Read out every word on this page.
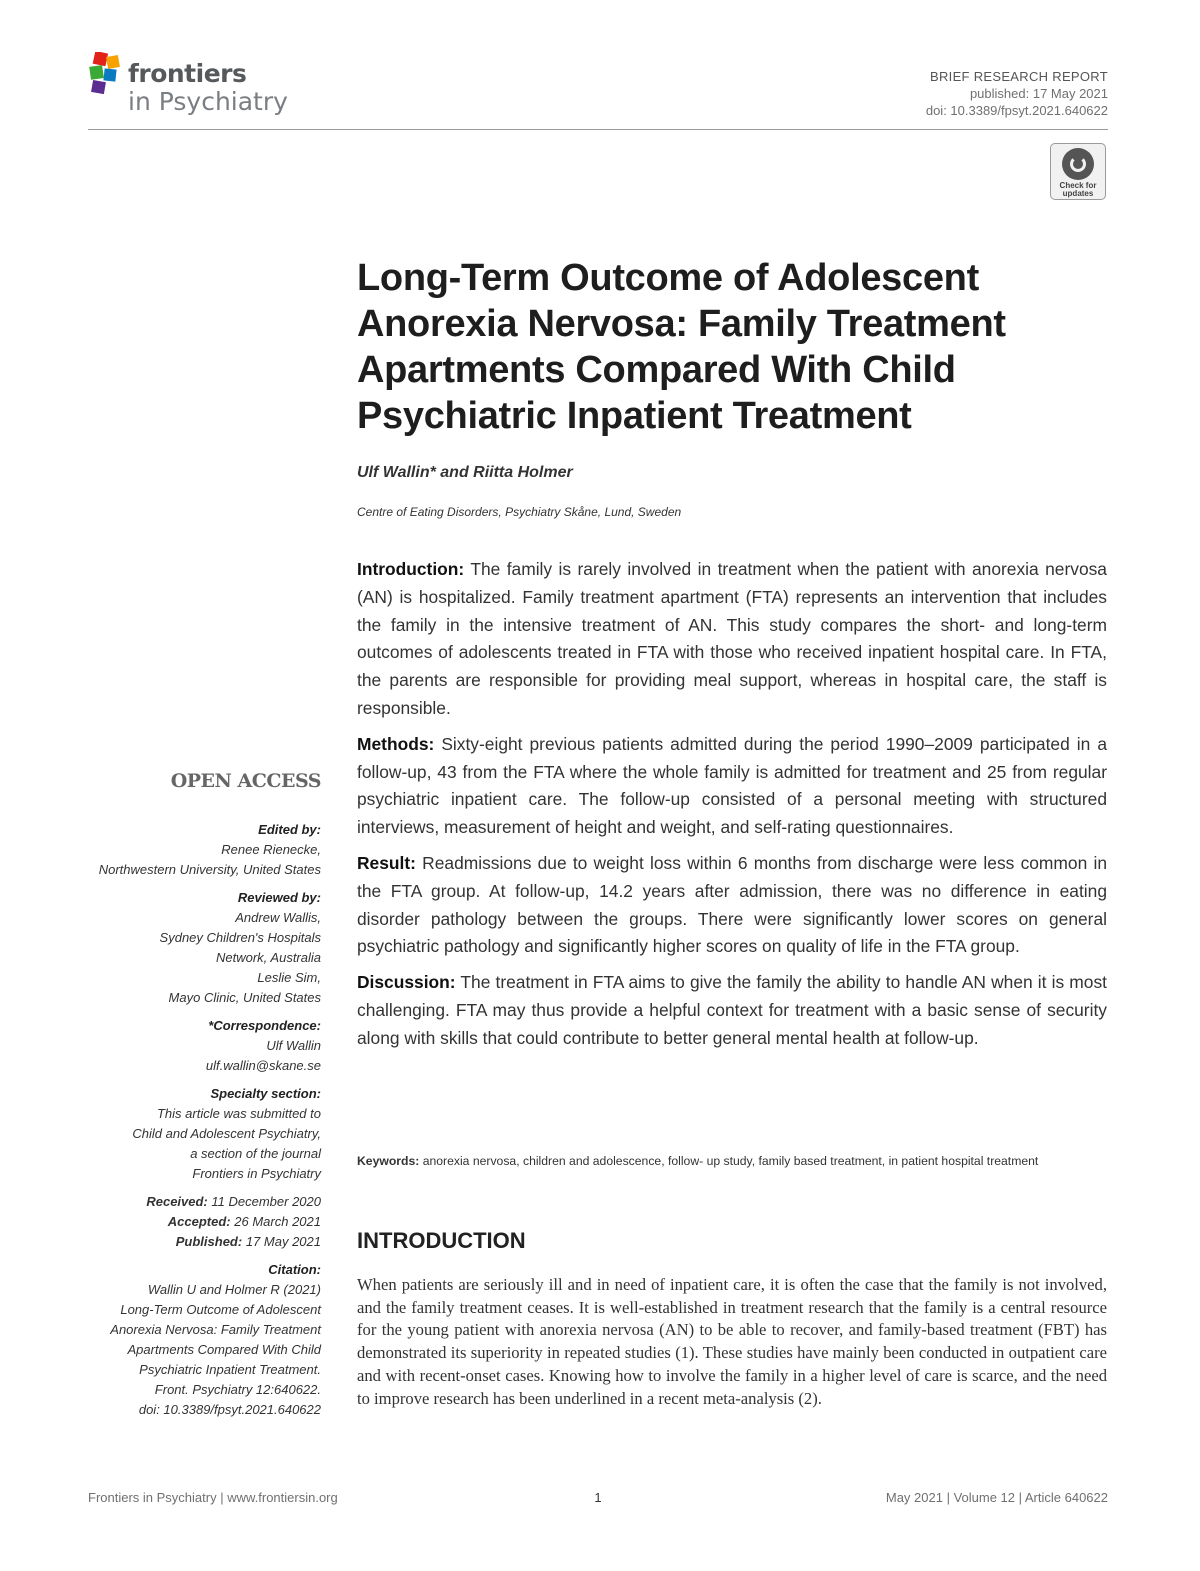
frontiers
in Psychiatry
BRIEF RESEARCH REPORT
published: 17 May 2021
doi: 10.3389/fpsyt.2021.640622
Check for updates
Long-Term Outcome of Adolescent Anorexia Nervosa: Family Treatment Apartments Compared With Child Psychiatric Inpatient Treatment
Ulf Wallin* and Riitta Holmer
Centre of Eating Disorders, Psychiatry Skåne, Lund, Sweden

Introduction: The family is rarely involved in treatment when the patient with anorexia nervosa (AN) is hospitalized. Family treatment apartment (FTA) represents an intervention that includes the family in the intensive treatment of AN. This study compares the short- and long-term outcomes of adolescents treated in FTA with those who received inpatient hospital care. In FTA, the parents are responsible for providing meal support, whereas in hospital care, the staff is responsible.

Methods: Sixty-eight previous patients admitted during the period 1990–2009 participated in a follow-up, 43 from the FTA where the whole family is admitted for treatment and 25 from regular psychiatric inpatient care. The follow-up consisted of a personal meeting with structured interviews, measurement of height and weight, and self-rating questionnaires.

Result: Readmissions due to weight loss within 6 months from discharge were less common in the FTA group. At follow-up, 14.2 years after admission, there was no difference in eating disorder pathology between the groups. There were significantly lower scores on general psychiatric pathology and significantly higher scores on quality of life in the FTA group.

Discussion: The treatment in FTA aims to give the family the ability to handle AN when it is most challenging. FTA may thus provide a helpful context for treatment with a basic sense of security along with skills that could contribute to better general mental health at follow-up.

Keywords: anorexia nervosa, children and adolescence, follow- up study, family based treatment, in patient hospital treatment
INTRODUCTION

When patients are seriously ill and in need of inpatient care, it is often the case that the family is not involved, and the family treatment ceases. It is well-established in treatment research that the family is a central resource for the young patient with anorexia nervosa (AN) to be able to recover, and family-based treatment (FBT) has demonstrated its superiority in repeated studies (1). These studies have mainly been conducted in outpatient care and with recent-onset cases. Knowing how to involve the family in a higher level of care is scarce, and the need to improve research has been underlined in a recent meta-analysis (2).

OPEN ACCESS
Edited by:
Renee Rienecke,
Northwestern University, United States
Reviewed by:
Andrew Wallis,
Sydney Children's Hospitals
Network, Australia
Leslie Sim,
Mayo Clinic, United States
*Correspondence:
Ulf Wallin
ulf.wallin@skane.se
Specialty section:
This article was submitted to
Child and Adolescent Psychiatry,
a section of the journal
Frontiers in Psychiatry
Received: 11 December 2020
Accepted: 26 March 2021
Published: 17 May 2021
Citation:
Wallin U and Holmer R (2021)
Long-Term Outcome of Adolescent
Anorexia Nervosa: Family Treatment
Apartments Compared With Child
Psychiatric Inpatient Treatment.
Front. Psychiatry 12:640622.
doi: 10.3389/fpsyt.2021.640622
Frontiers in Psychiatry | www.frontiersin.org	1	May 2021 | Volume 12 | Article 640622
